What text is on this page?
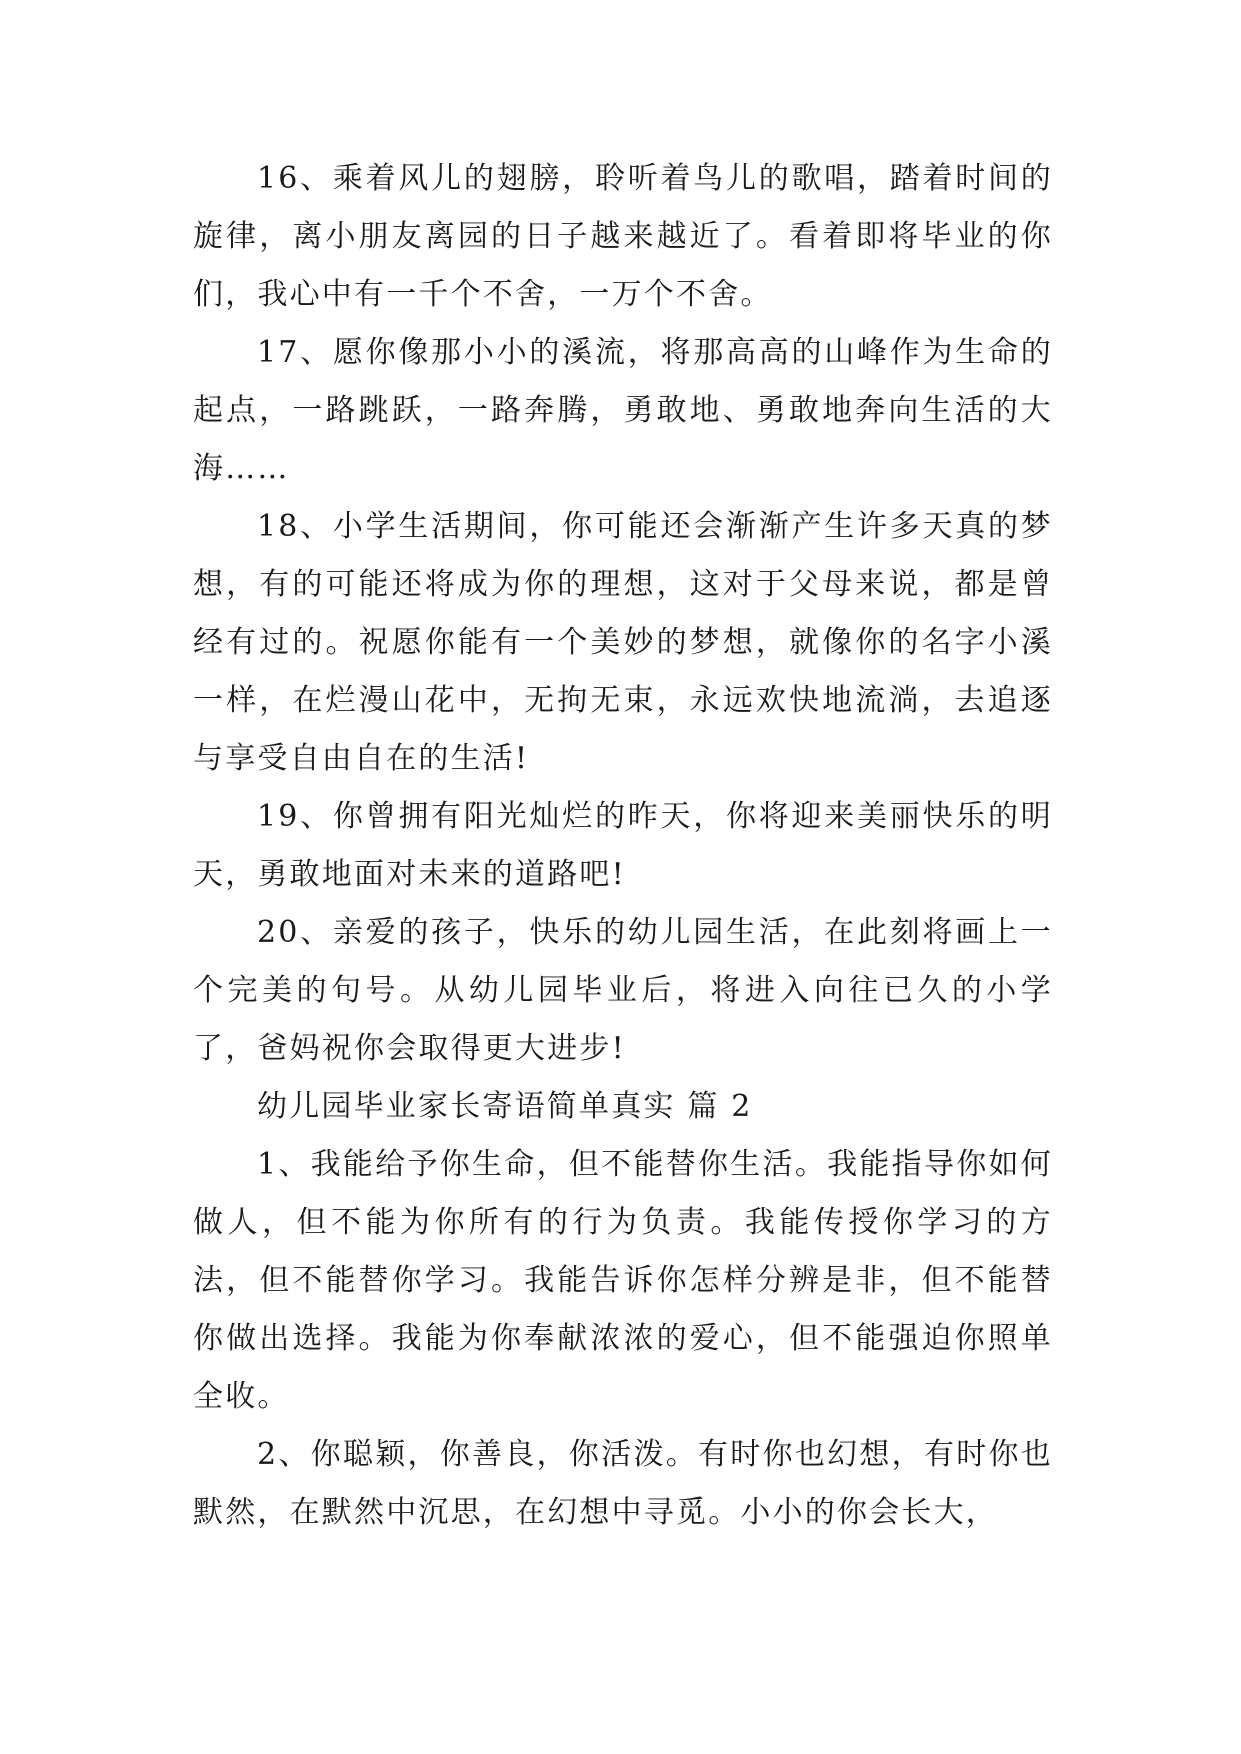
16、乘着风儿的翅膀，聆听着鸟儿的歌唱，踏着时间的旋律，离小朋友离园的日子越来越近了。看着即将毕业的你们，我心中有一千个不舍，一万个不舍。

17、愿你像那小小的溪流，将那高高的山峰作为生命的起点，一路跳跃，一路奔腾，勇敢地、勇敢地奔向生活的大海……

18、小学生活期间，你可能还会渐渐产生许多天真的梦想，有的可能还将成为你的理想，这对于父母来说，都是曾经有过的。祝愿你能有一个美妙的梦想，就像你的名字小溪一样，在烂漫山花中，无拘无束，永远欢快地流淌，去追逐与享受自由自在的生活!

19、你曾拥有阳光灿烂的昨天，你将迎来美丽快乐的明天，勇敢地面对未来的道路吧!

20、亲爱的孩子，快乐的幼儿园生活，在此刻将画上一个完美的句号。从幼儿园毕业后，将进入向往已久的小学了，爸妈祝你会取得更大进步!

幼儿园毕业家长寄语简单真实 篇 2

1、我能给予你生命，但不能替你生活。我能指导你如何做人，但不能为你所有的行为负责。我能传授你学习的方法，但不能替你学习。我能告诉你怎样分辨是非，但不能替你做出选择。我能为你奉献浓浓的爱心，但不能强迫你照单全收。

2、你聪颖，你善良，你活泼。有时你也幻想，有时你也默然，在默然中沉思，在幻想中寻觅。小小的你会长大，
